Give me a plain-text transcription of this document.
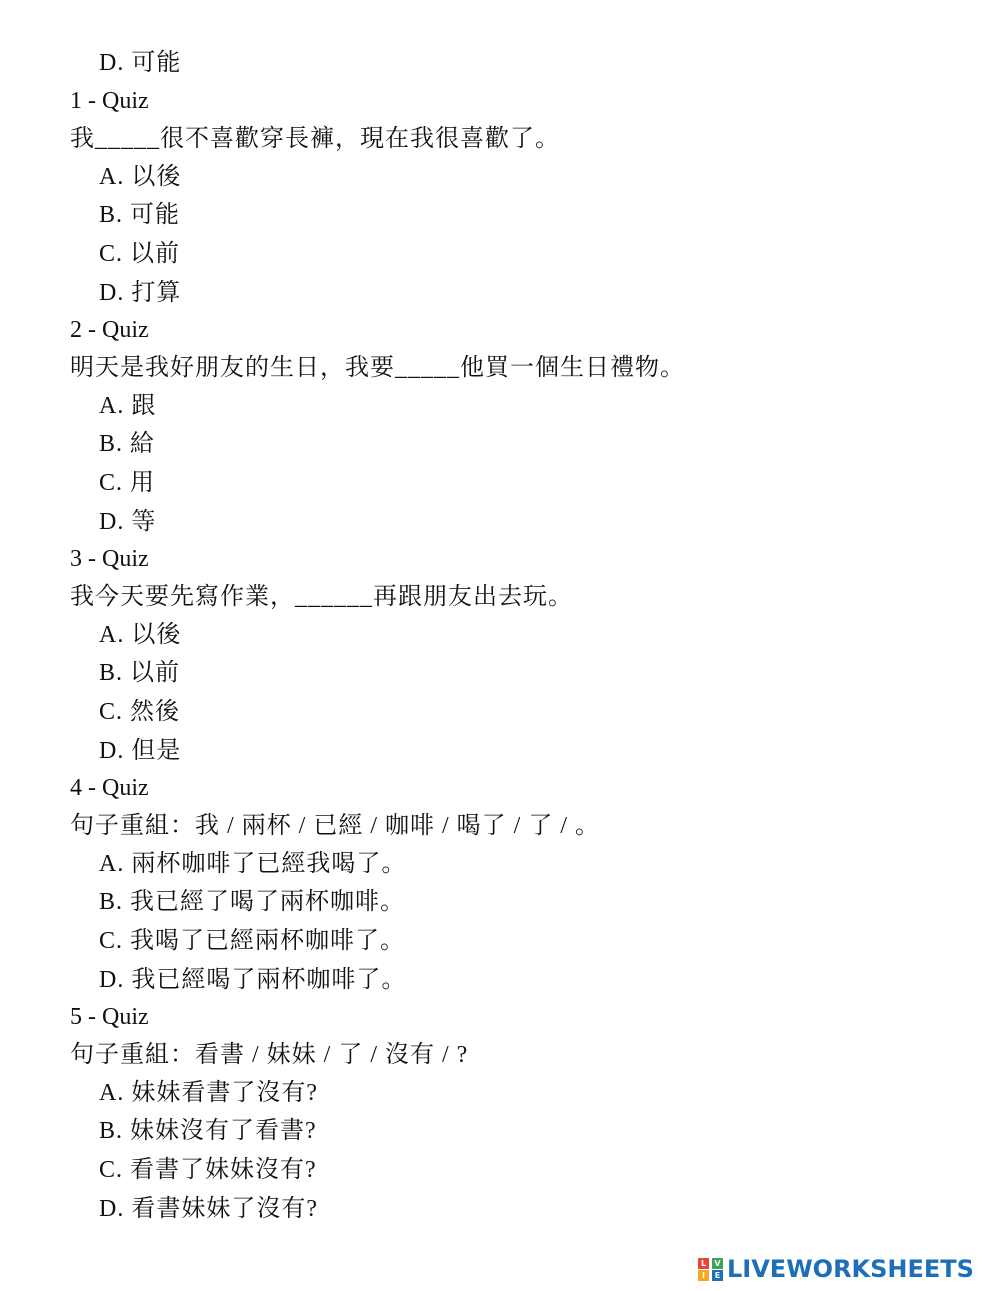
D. 可能
1 - Quiz
我_____很不喜歡穿長褲，現在我很喜歡了。
A. 以後
B. 可能
C. 以前
D. 打算
2 - Quiz
明天是我好朋友的生日，我要_____他買一個生日禮物。
A. 跟
B. 給
C. 用
D. 等
3 - Quiz
我今天要先寫作業，______再跟朋友出去玩。
A. 以後
B. 以前
C. 然後
D. 但是
4 - Quiz
句子重組：我 / 兩杯 / 已經 / 咖啡 / 喝了 / 了 / 。
A. 兩杯咖啡了已經我喝了。
B. 我已經了喝了兩杯咖啡。
C. 我喝了已經兩杯咖啡了。
D. 我已經喝了兩杯咖啡了。
5 - Quiz
句子重組：看書 / 妹妹 / 了 / 沒有 / ?
A. 妹妹看書了沒有?
B. 妹妹沒有了看書?
C. 看書了妹妹沒有?
D. 看書妹妹了沒有?
L
I
V
E LIVEWORKSHEETS
